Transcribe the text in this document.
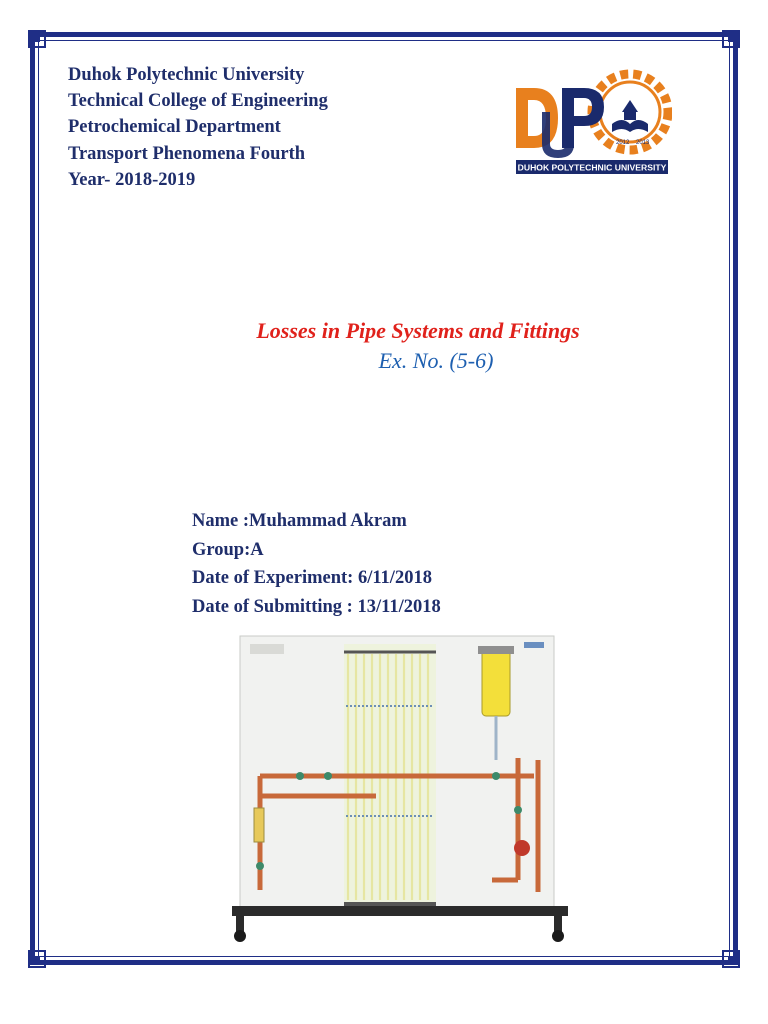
Duhok Polytechnic University
Technical College of Engineering
Petrochemical Department
Transport Phenomena Fourth
Year- 2018-2019
2012 2013
DUHOK POLYTECHNIC UNIVERSITY
Losses in Pipe Systems and Fittings
Ex. No. (5-6)
Name :Muhammad Akram
Group:A
Date of Experiment: 6/11/2018
Date of Submitting : 13/11/2018
